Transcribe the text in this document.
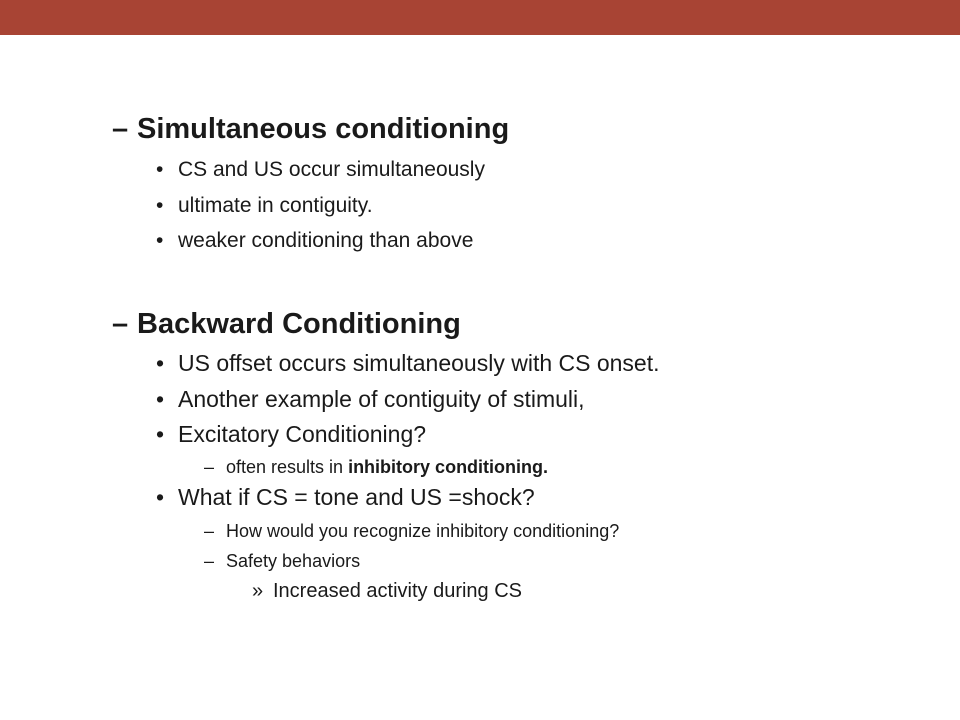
– Simultaneous conditioning
• CS and US occur simultaneously
• ultimate in contiguity.
• weaker conditioning than above
– Backward Conditioning
• US offset occurs simultaneously with CS onset.
• Another example of contiguity of stimuli,
• Excitatory Conditioning?
– often results in inhibitory conditioning.
• What if CS = tone and US =shock?
– How would you recognize inhibitory conditioning?
– Safety behaviors
» Increased activity during CS
